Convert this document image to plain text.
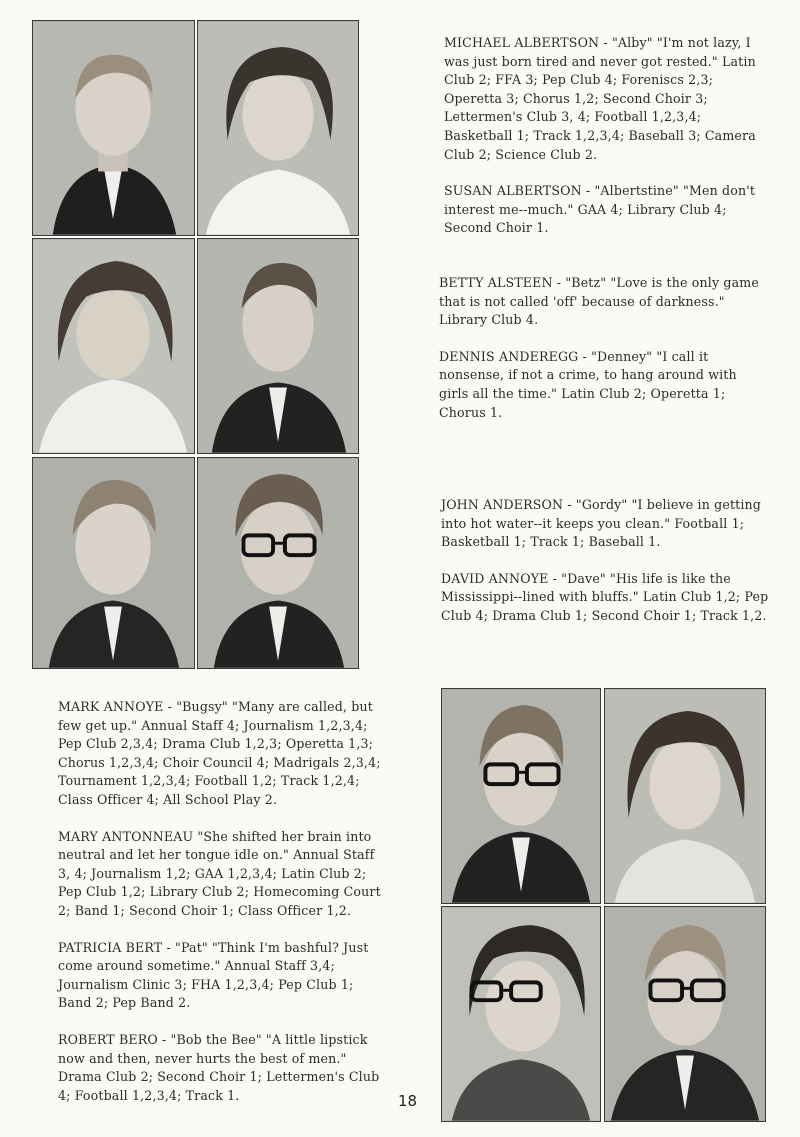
MICHAEL ALBERTSON - "Alby" "I'm not lazy, I was just born tired and never got rested." Latin Club 2; FFA 3; Pep Club 4; Foreniscs 2,3; Operetta 3; Chorus 1,2; Second Choir 3; Lettermen's Club 3, 4; Football 1,2,3,4; Basketball 1; Track 1,2,3,4; Baseball 3; Camera Club 2; Science Club 2.

SUSAN ALBERTSON - "Albertstine" "Men don't interest me--much." GAA 4; Library Club 4; Second Choir 1.

BETTY ALSTEEN - "Betz" "Love is the only game that is not called 'off' because of darkness." Library Club 4.

DENNIS ANDEREGG - "Denney" "I call it nonsense, if not a crime, to hang around with girls all the time." Latin Club 2; Operetta 1; Chorus 1.

JOHN ANDERSON - "Gordy" "I believe in getting into hot water--it keeps you clean." Football 1; Basketball 1; Track 1; Baseball 1.

DAVID ANNOYE - "Dave" "His life is like the Mississippi--lined with bluffs." Latin Club 1,2; Pep Club 4; Drama Club 1; Second Choir 1; Track 1,2.

MARK ANNOYE - "Bugsy" "Many are called, but few get up." Annual Staff 4; Journalism 1,2,3,4; Pep Club 2,3,4; Drama Club 1,2,3; Operetta 1,3; Chorus 1,2,3,4; Choir Council 4; Madrigals 2,3,4; Tournament 1,2,3,4; Football 1,2; Track 1,2,4; Class Officer 4; All School Play 2.

MARY ANTONNEAU "She shifted her brain into neutral and let her tongue idle on." Annual Staff 3, 4; Journalism 1,2; GAA 1,2,3,4; Latin Club 2; Pep Club 1,2; Library Club 2; Homecoming Court 2; Band 1; Second Choir 1; Class Officer 1,2.

PATRICIA BERT - "Pat" "Think I'm bashful? Just come around sometime." Annual Staff 3,4; Journalism Clinic 3; FHA 1,2,3,4; Pep Club 1; Band 2; Pep Band 2.

ROBERT BERO - "Bob the Bee" "A little lipstick now and then, never hurts the best of men." Drama Club 2; Second Choir 1; Lettermen's Club 4; Football 1,2,3,4; Track 1.	18
